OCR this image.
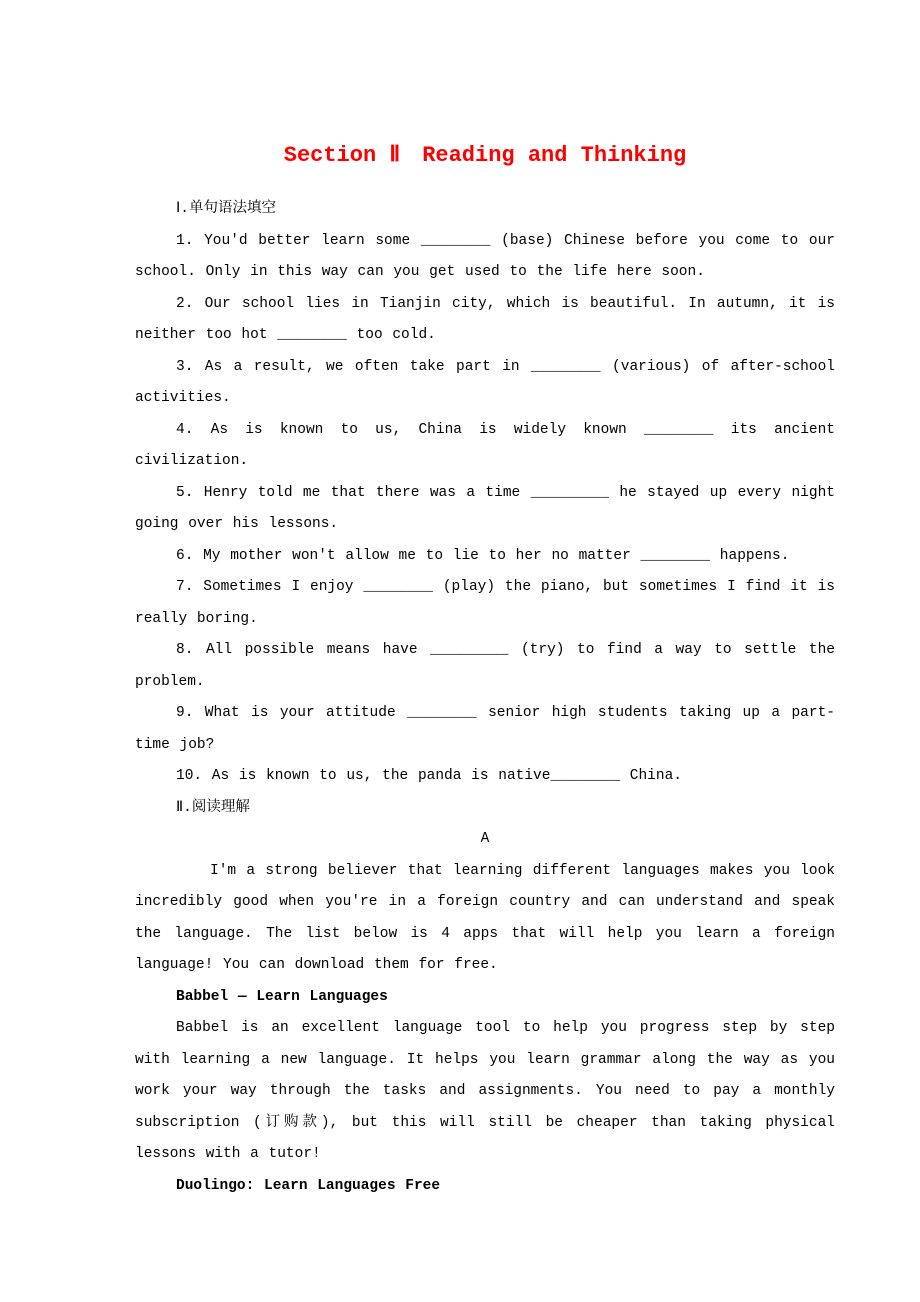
Section Ⅱ　Reading and Thinking

Ⅰ.单句语法填空

1. You'd better learn some ________ (base) Chinese before you come to our school. Only in this way can you get used to the life here soon.

2. Our school lies in Tianjin city, which is beautiful. In autumn, it is neither too hot ________ too cold.

3. As a result, we often take part in ________ (various) of after-school activities.

4. As is known to us, China is widely known ________ its ancient civilization.

5. Henry told me that there was a time _________ he stayed up every night going over his lessons.

6. My mother won't allow me to lie to her no matter ________ happens.

7. Sometimes I enjoy ________ (play) the piano, but sometimes I find it is really boring.

8. All possible means have _________ (try) to find a way to settle the problem.

9. What is your attitude ________ senior high students taking up a part-time job?

10. As is known to us, the panda is native________ China.

Ⅱ.阅读理解

A

I'm a strong believer that learning different languages makes you look incredibly good when you're in a foreign country and can understand and speak the language. The list below is 4 apps that will help you learn a foreign language! You can download them for free.

Babbel — Learn Languages

Babbel is an excellent language tool to help you progress step by step with learning a new language. It helps you learn grammar along the way as you work your way through the tasks and assignments. You need to pay a monthly subscription (订购款), but this will still be cheaper than taking physical lessons with a tutor!

Duolingo: Learn Languages Free
